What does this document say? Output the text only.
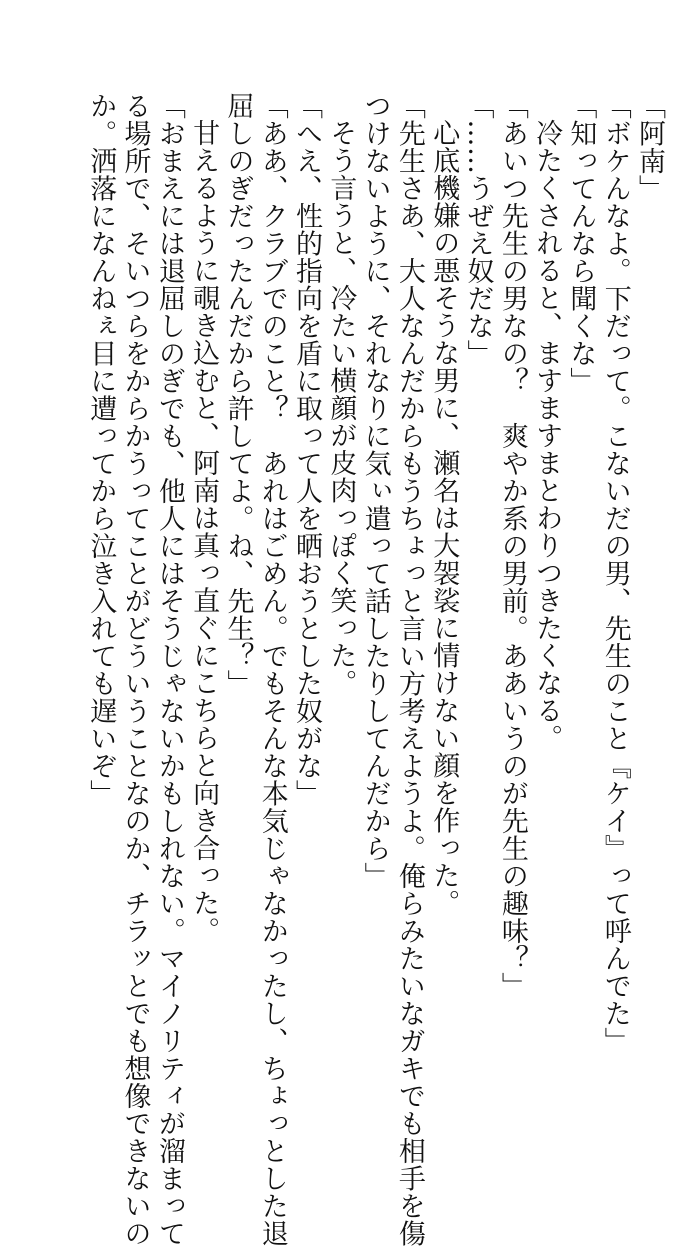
「阿南」
「ボケんなよ。下だって。こないだの男、先生のこと『ケイ』って呼んでた」
「知ってんなら聞くな」
冷たくされると、ますますまとわりつきたくなる。
「あいつ先生の男なの？　爽やか系の男前。ああいうのが先生の趣味？」
「……うぜえ奴だな」
心底機嫌の悪そうな男に、瀬名は大袈裟に情けない顔を作った。
「先生さあ、大人なんだからもうちょっと言い方考えようよ。俺らみたいなガキでも相手を傷
つけないように、それなりに気ぃ遣って話したりしてんだから」
そう言うと、冷たい横顔が皮肉っぽく笑った。
「へえ、性的指向を盾に取って人を晒おうとした奴がな」
「ああ、クラブでのこと？　あれはごめん。でもそんな本気じゃなかったし、ちょっとした退
屈しのぎだったんだから許してよ。ね、先生？」
甘えるように覗き込むと、阿南は真っ直ぐにこちらと向き合った。
「おまえには退屈しのぎでも、他人にはそうじゃないかもしれない。マイノリティが溜まって
る場所で、そいつらをからかうってことがどういうことなのか、チラッとでも想像できないの
か。洒落になんねぇ目に遭ってから泣き入れても遅いぞ」
